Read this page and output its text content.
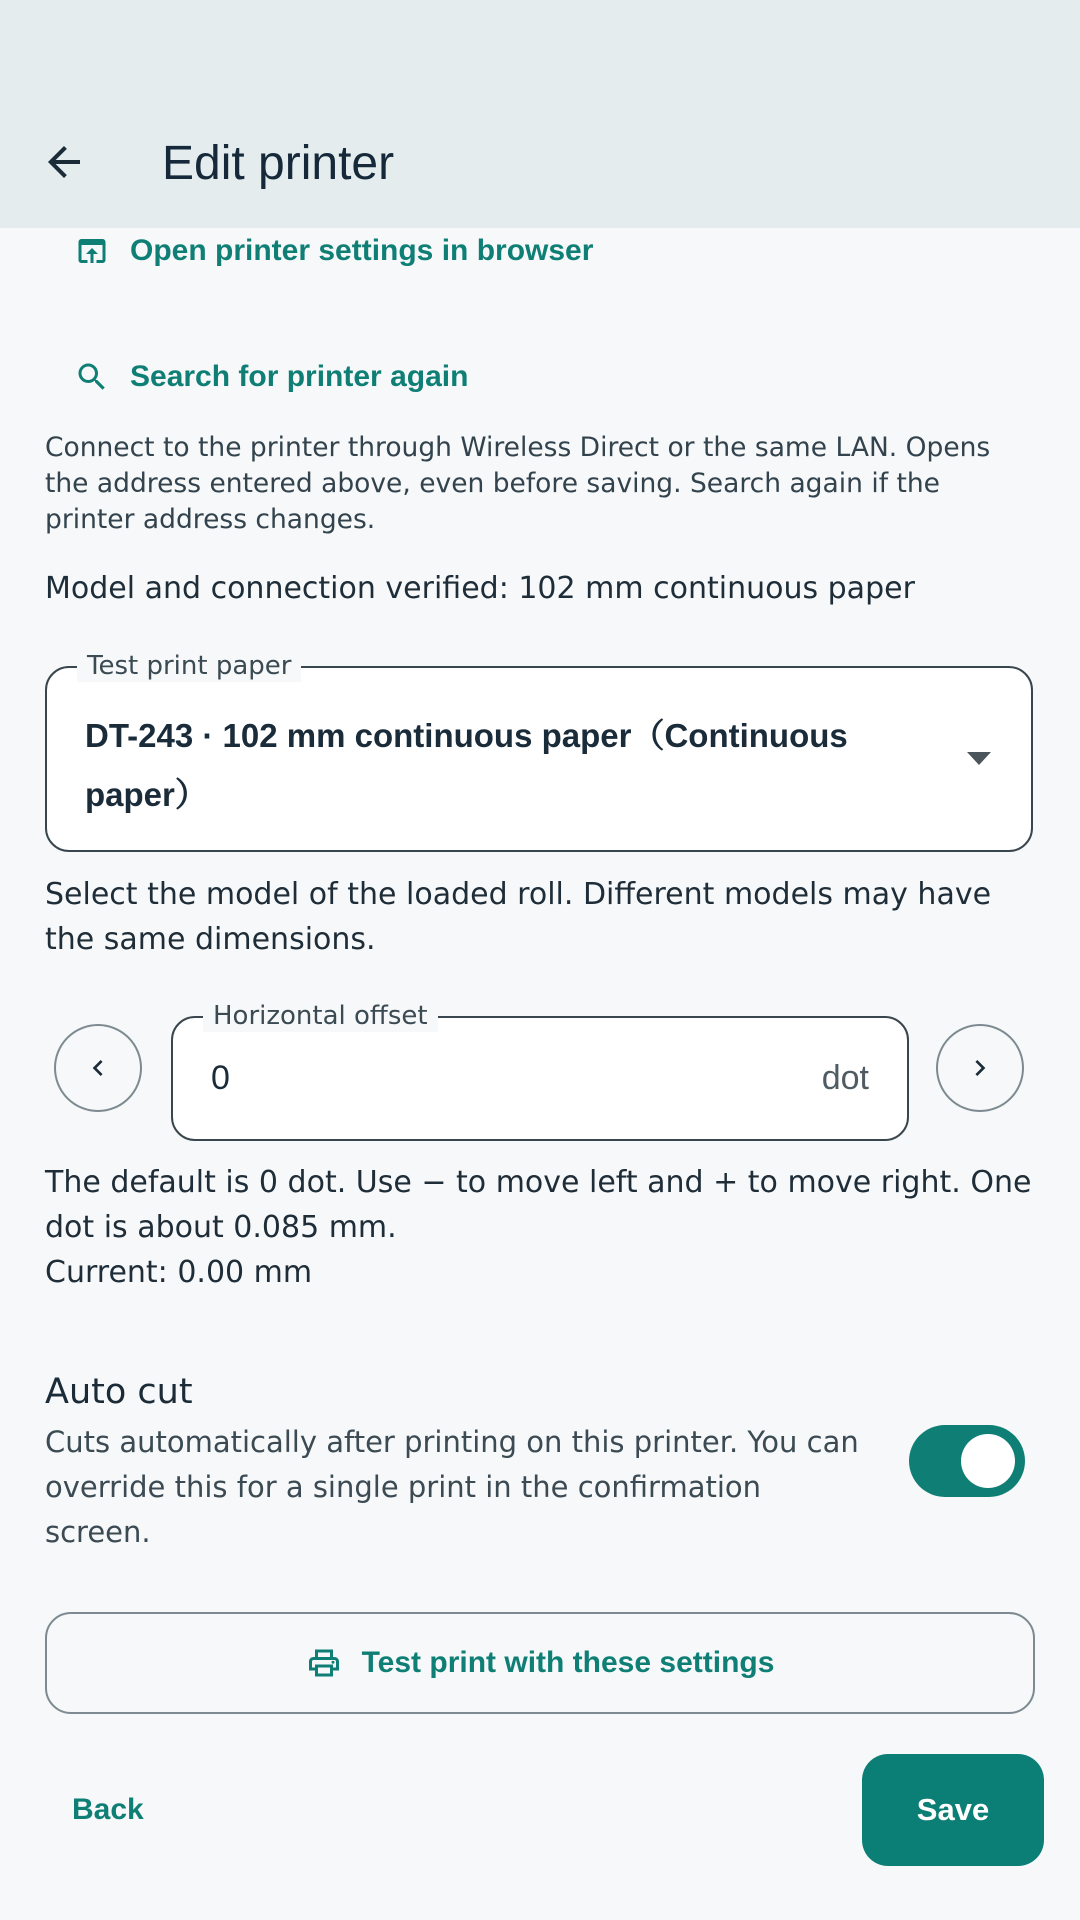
Edit printer
Open printer settings in browser
Search for printer again
Connect to the printer through Wireless Direct or the same LAN. Opens the address entered above, even before saving. Search again if the printer address changes.
Model and connection verified: 102 mm continuous paper
Test print paper
DT-243 · 102 mm continuous paper（Continuous paper）
Select the model of the loaded roll. Different models may have the same dimensions.
Horizontal offset
0	dot
The default is 0 dot. Use − to move left and + to move right. One dot is about 0.085 mm.
Current: 0.00 mm
Auto cut
Cuts automatically after printing on this printer. You can override this for a single print in the confirmation screen.
Test print with these settings
Back	Save
